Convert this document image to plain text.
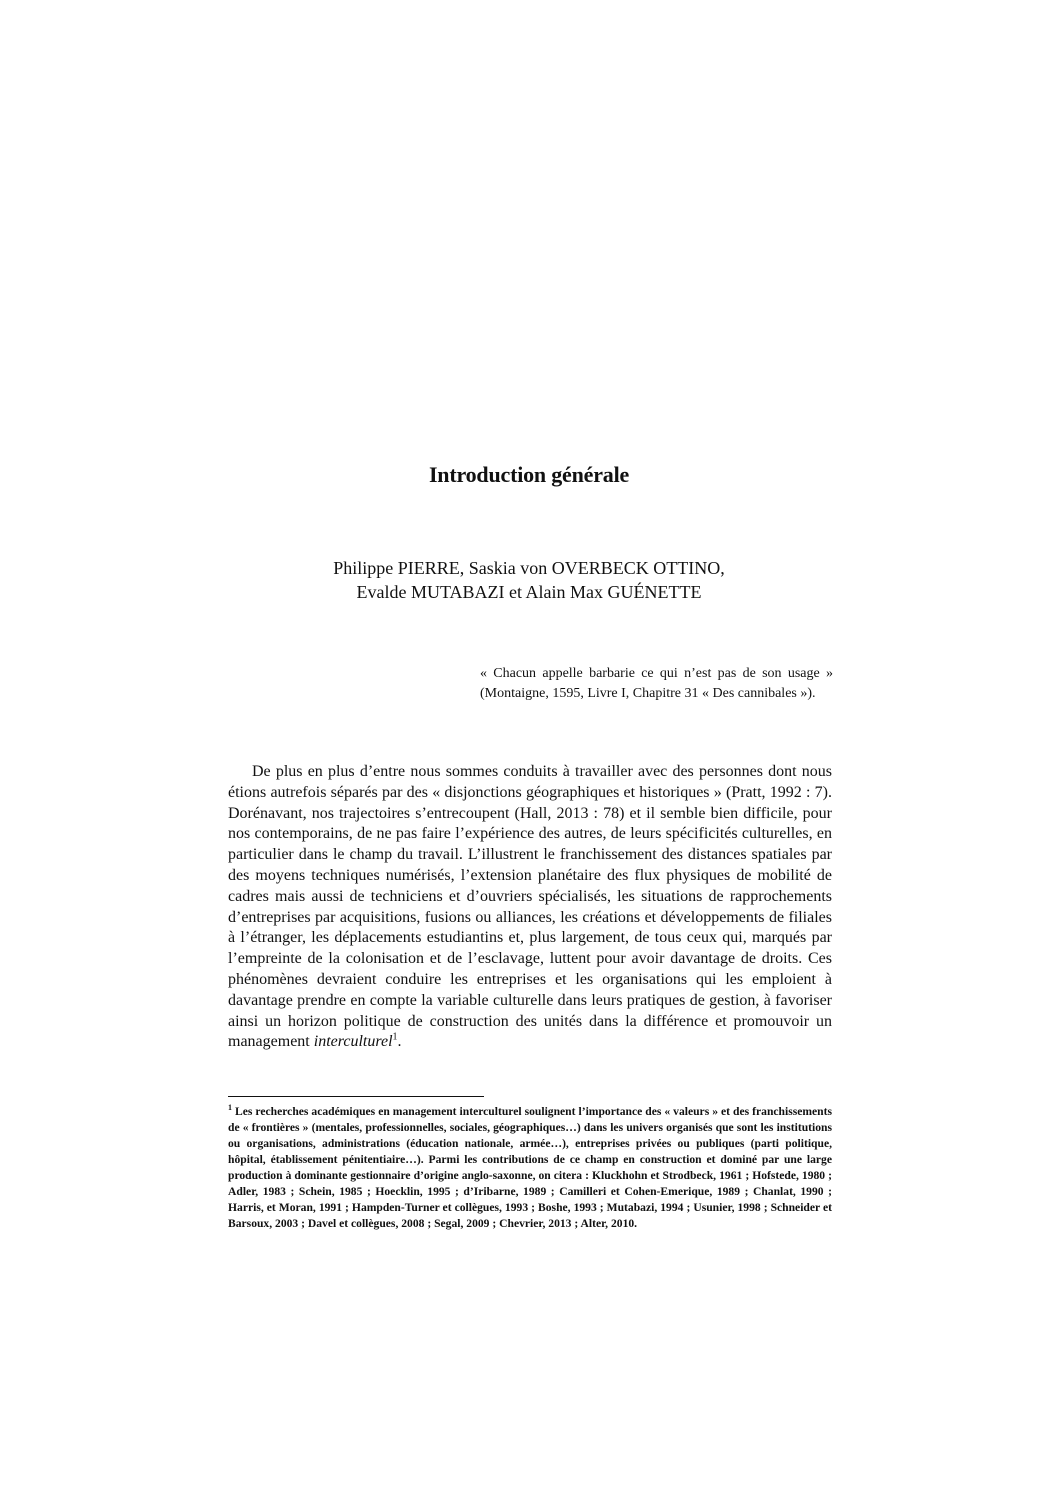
Introduction générale
Philippe PIERRE, Saskia von OVERBECK OTTINO,
Evalde MUTABAZI et Alain Max GUÉNETTE

« Chacun appelle barbarie ce qui n’est pas de son usage » (Montaigne, 1595, Livre I, Chapitre 31 « Des cannibales »).

De plus en plus d’entre nous sommes conduits à travailler avec des personnes dont nous étions autrefois séparés par des « disjonctions géographiques et historiques » (Pratt, 1992 : 7). Dorénavant, nos trajectoires s’entrecoupent (Hall, 2013 : 78) et il semble bien difficile, pour nos contemporains, de ne pas faire l’expérience des autres, de leurs spécificités culturelles, en particulier dans le champ du travail. L’illustrent le franchissement des distances spatiales par des moyens techniques numérisés, l’extension planétaire des flux physiques de mobilité de cadres mais aussi de techniciens et d’ouvriers spécialisés, les situations de rapprochements d’entreprises par acquisitions, fusions ou alliances, les créations et développements de filiales à l’étranger, les déplacements estudiantins et, plus largement, de tous ceux qui, marqués par l’empreinte de la colonisation et de l’esclavage, luttent pour avoir davantage de droits. Ces phénomènes devraient conduire les entreprises et les organisations qui les emploient à davantage prendre en compte la variable culturelle dans leurs pratiques de gestion, à favoriser ainsi un horizon politique de construction des unités dans la différence et promouvoir un management interculturel$^1$.

$^1$ Les recherches académiques en management interculturel soulignent l’importance des « valeurs » et des franchissements de « frontières » (mentales, professionnelles, sociales, géographiques…) dans les univers organisés que sont les institutions ou organisations, administrations (éducation nationale, armée…), entreprises privées ou publiques (parti politique, hôpital, établissement pénitentiaire…). Parmi les contributions de ce champ en construction et dominé par une large production à dominante gestionnaire d’origine anglo-saxonne, on citera : Kluckhohn et Strodbeck, 1961 ; Hofstede, 1980 ; Adler, 1983 ; Schein, 1985 ; Hoecklin, 1995 ; d’Iribarne, 1989 ; Camilleri et Cohen-Emerique, 1989 ; Chanlat, 1990 ; Harris, et Moran, 1991 ; Hampden-Turner et collègues, 1993 ; Boshe, 1993 ; Mutabazi, 1994 ; Usunier, 1998 ; Schneider et Barsoux, 2003 ; Davel et collègues, 2008 ; Segal, 2009 ; Chevrier, 2013 ; Alter, 2010.
